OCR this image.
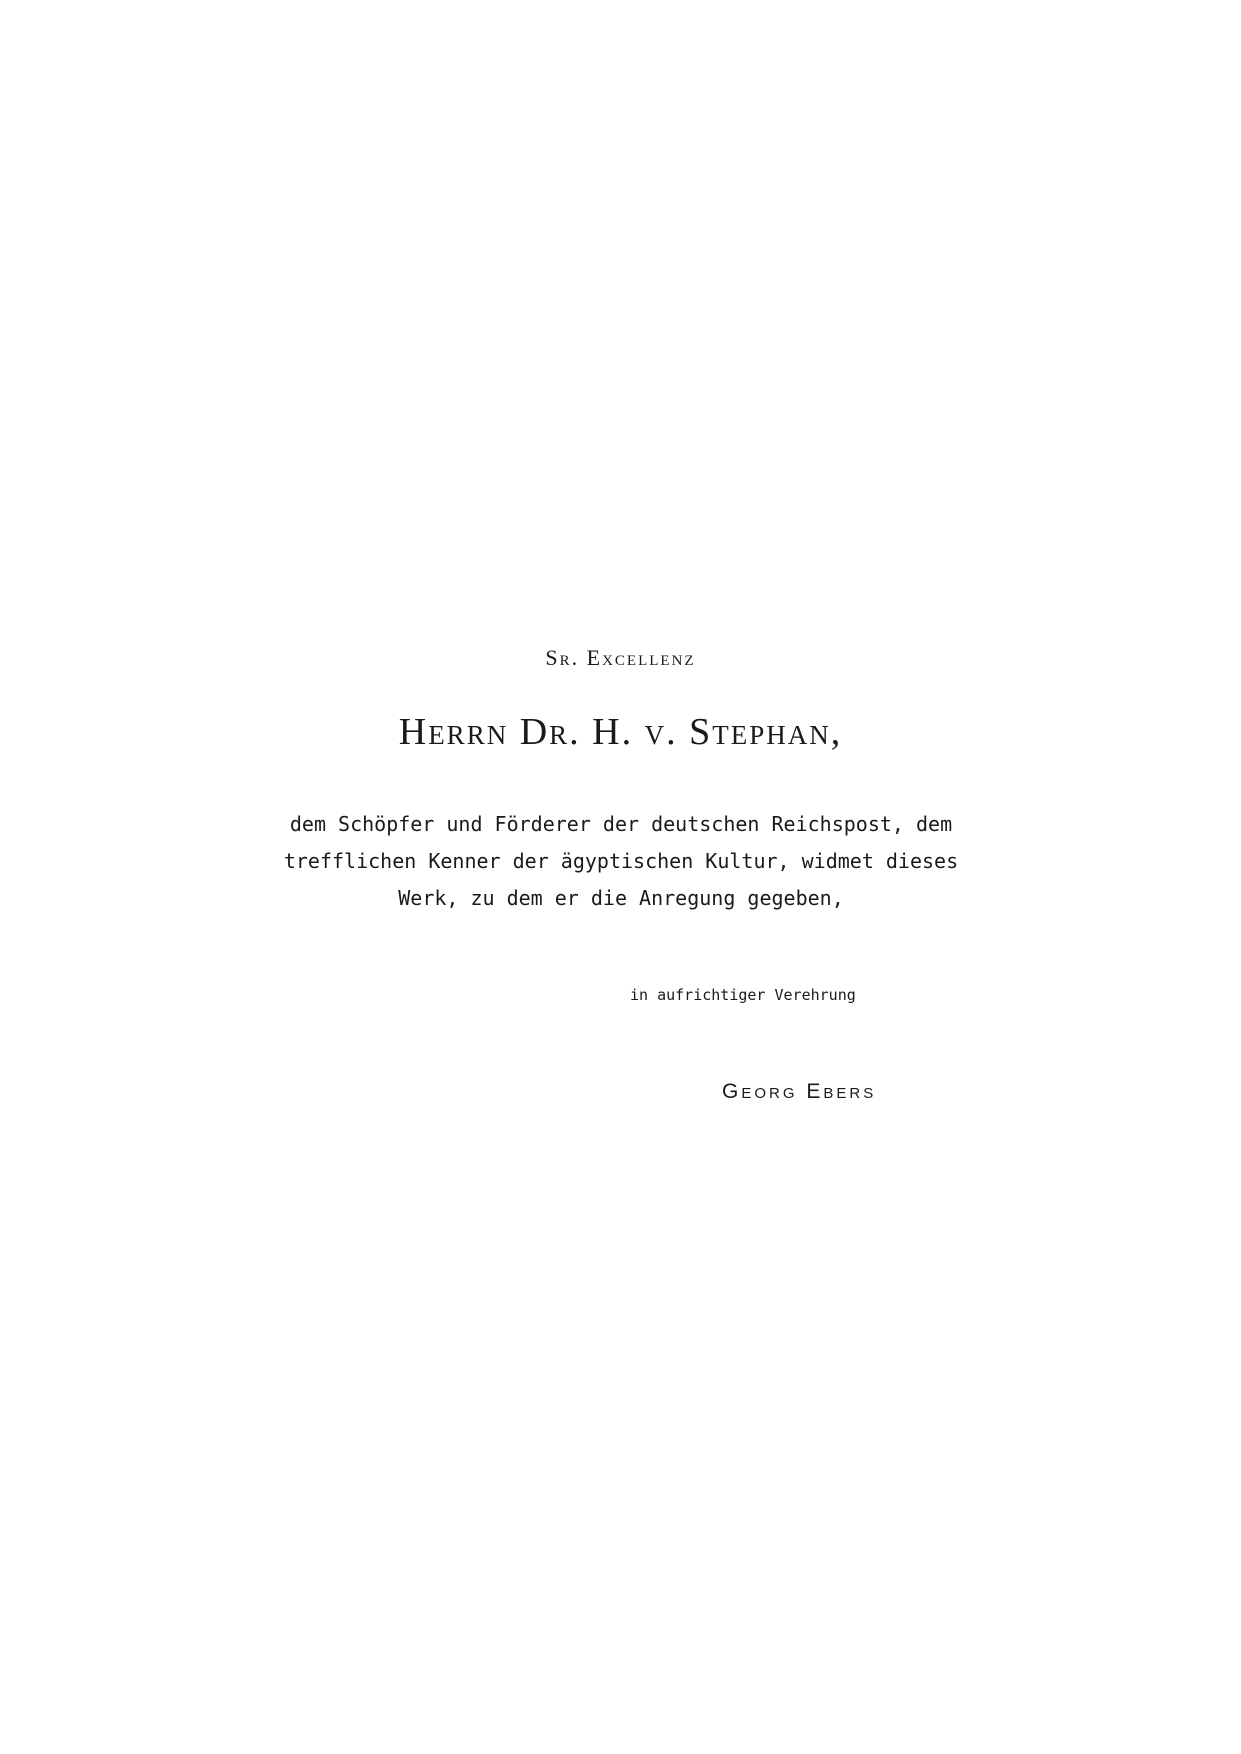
Sr. Excellenz
Herrn Dr. H. v. Stephan,
dem Schöpfer und Förderer der deutschen Reichspost, dem trefflichen Kenner der ägyptischen Kultur, widmet dieses Werk, zu dem er die Anregung gegeben,
in aufrichtiger Verehrung
Georg Ebers
